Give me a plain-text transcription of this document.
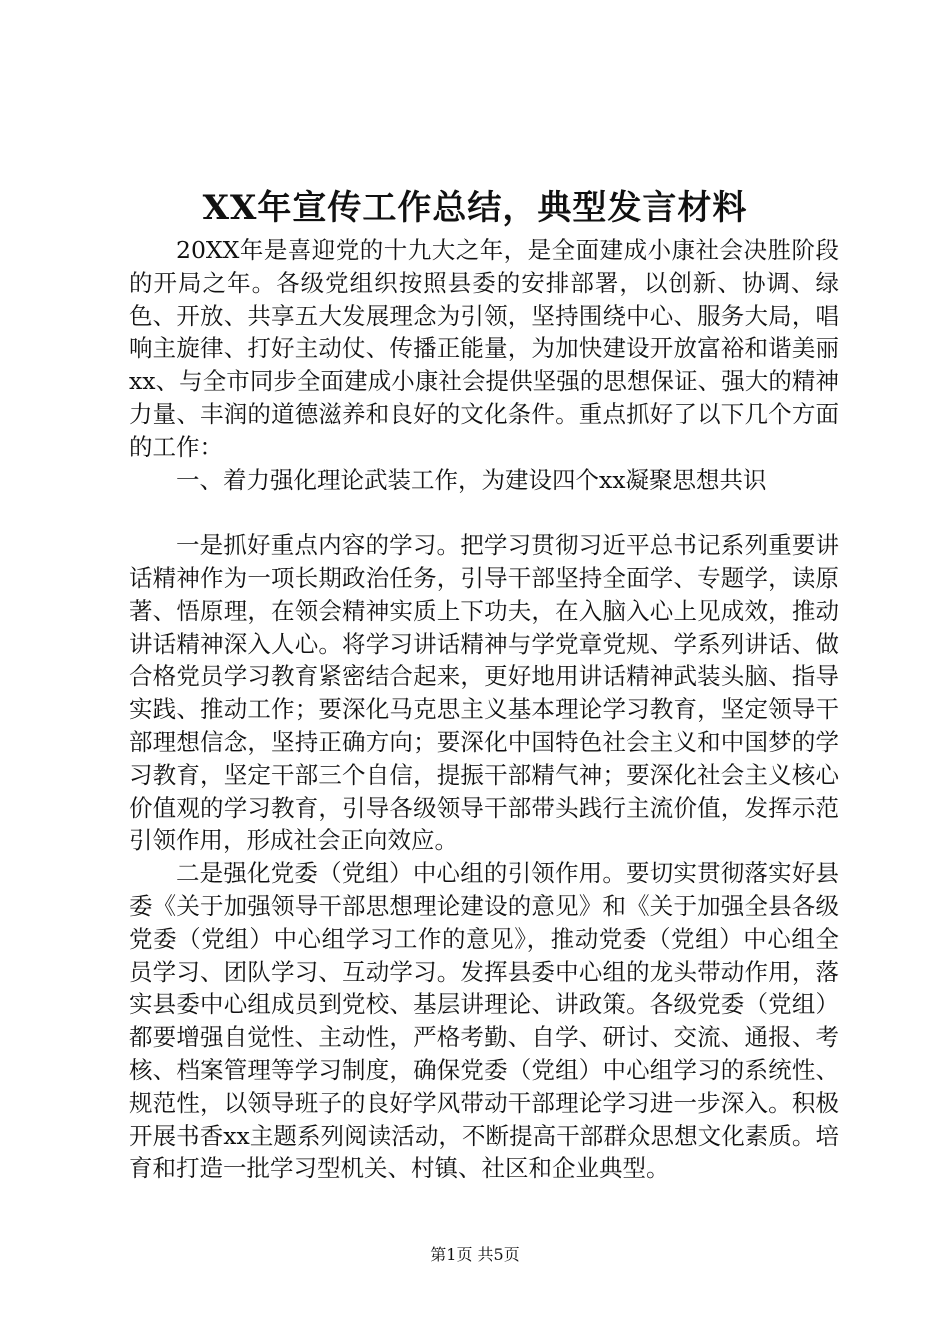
XX年宣传工作总结，典型发言材料

20XX年是喜迎党的十九大之年，是全面建成小康社会决胜阶段的开局之年。各级党组织按照县委的安排部署，以创新、协调、绿色、开放、共享五大发展理念为引领，坚持围绕中心、服务大局，唱响主旋律、打好主动仗、传播正能量，为加快建设开放富裕和谐美丽xx、与全市同步全面建成小康社会提供坚强的思想保证、强大的精神力量、丰润的道德滋养和良好的文化条件。重点抓好了以下几个方面的工作：

一、着力强化理论武装工作，为建设四个xx凝聚思想共识

一是抓好重点内容的学习。把学习贯彻习近平总书记系列重要讲话精神作为一项长期政治任务，引导干部坚持全面学、专题学，读原著、悟原理，在领会精神实质上下功夫，在入脑入心上见成效，推动讲话精神深入人心。将学习讲话精神与学党章党规、学系列讲话、做合格党员学习教育紧密结合起来，更好地用讲话精神武装头脑、指导实践、推动工作；要深化马克思主义基本理论学习教育，坚定领导干部理想信念，坚持正确方向；要深化中国特色社会主义和中国梦的学习教育，坚定干部三个自信，提振干部精气神；要深化社会主义核心价值观的学习教育，引导各级领导干部带头践行主流价值，发挥示范引领作用，形成社会正向效应。

二是强化党委（党组）中心组的引领作用。要切实贯彻落实好县委《关于加强领导干部思想理论建设的意见》和《关于加强全县各级党委（党组）中心组学习工作的意见》，推动党委（党组）中心组全员学习、团队学习、互动学习。发挥县委中心组的龙头带动作用，落实县委中心组成员到党校、基层讲理论、讲政策。各级党委（党组）都要增强自觉性、主动性，严格考勤、自学、研讨、交流、通报、考核、档案管理等学习制度，确保党委（党组）中心组学习的系统性、规范性，以领导班子的良好学风带动干部理论学习进一步深入。积极开展书香xx主题系列阅读活动，不断提高干部群众思想文化素质。培育和打造一批学习型机关、村镇、社区和企业典型。

第1页 共5页
